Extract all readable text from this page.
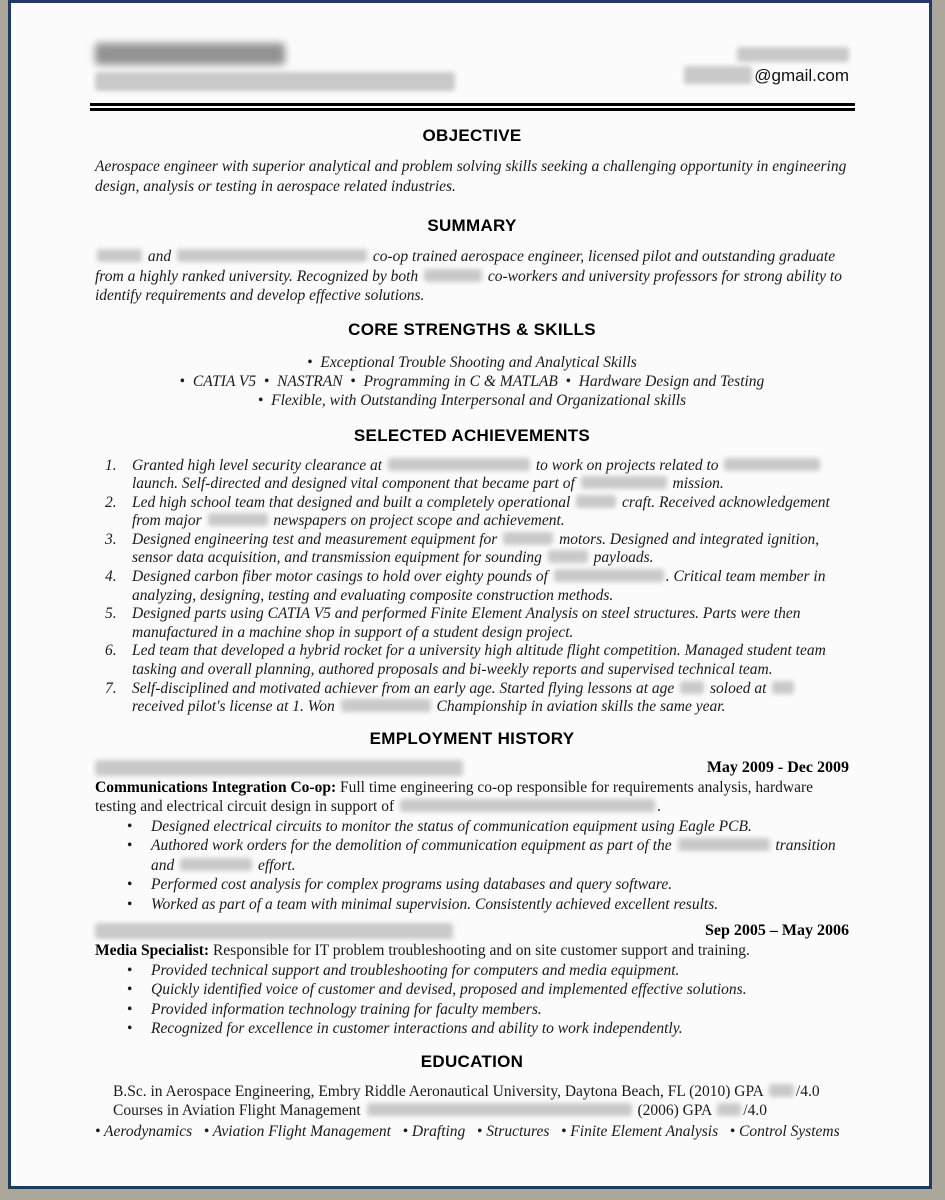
@gmail.com
OBJECTIVE

Aerospace engineer with superior analytical and problem solving skills seeking a challenging opportunity in engineering design, analysis or testing in aerospace related industries.

SUMMARY

and	co-op trained aerospace engineer, licensed pilot and outstanding graduate from a highly ranked university. Recognized by both	co-workers and university professors for strong ability to identify requirements and develop effective solutions.

CORE STRENGTHS & SKILLS

•  Exceptional Trouble Shooting and Analytical Skills

•  CATIA V5  •  NASTRAN  •  Programming in C & MATLAB  •  Hardware Design and Testing

•  Flexible, with Outstanding Interpersonal and Organizational skills

SELECTED ACHIEVEMENTS
1. Granted high level security clearance at	to work on projects related to  launch. Self-directed and designed vital component that became part of	mission.
2. Led high school team that designed and built a completely operational	craft. Received acknowledgement from major	newspapers on project scope and achievement.
3. Designed engineering test and measurement equipment for	motors. Designed and integrated ignition, sensor data acquisition, and transmission equipment for sounding	payloads.
4. Designed carbon fiber motor casings to hold over eighty pounds of	. Critical team member in analyzing, designing, testing and evaluating composite construction methods.
5. Designed parts using CATIA V5 and performed Finite Element Analysis on steel structures. Parts were then manufactured in a machine shop in support of a student design project.
6. Led team that developed a hybrid rocket for a university high altitude flight competition. Managed student team tasking and overall planning, authored proposals and bi-weekly reports and supervised technical team.
7. Self-disciplined and motivated achiever from an early age. Started flying lessons at age  soloed at  received pilot's license at 1. Won	Championship in aviation skills the same year.
EMPLOYMENT HISTORY
May 2009 - Dec 2009

Communications Integration Co-op: Full time engineering co-op responsible for requirements analysis, hardware testing and electrical circuit design in support of	.

•	Designed electrical circuits to monitor the status of communication equipment using Eagle PCB.
•	Authored work orders for the demolition of communication equipment as part of the	transition and	effort.
•	Performed cost analysis for complex programs using databases and query software.
•	Worked as part of a team with minimal supervision. Consistently achieved excellent results.
Sep 2005 – May 2006

Media Specialist: Responsible for IT problem troubleshooting and on site customer support and training.

•	Provided technical support and troubleshooting for computers and media equipment.
•	Quickly identified voice of customer and devised, proposed and implemented effective solutions.
•	Provided information technology training for faculty members.
•	Recognized for excellence in customer interactions and ability to work independently.
EDUCATION

B.Sc. in Aerospace Engineering, Embry Riddle Aeronautical University, Daytona Beach, FL (2010) GPA /4.0

Courses in Aviation Flight Management	(2006) GPA /4.0

• Aerodynamics   • Aviation Flight Management   • Drafting   • Structures   • Finite Element Analysis   • Control Systems
